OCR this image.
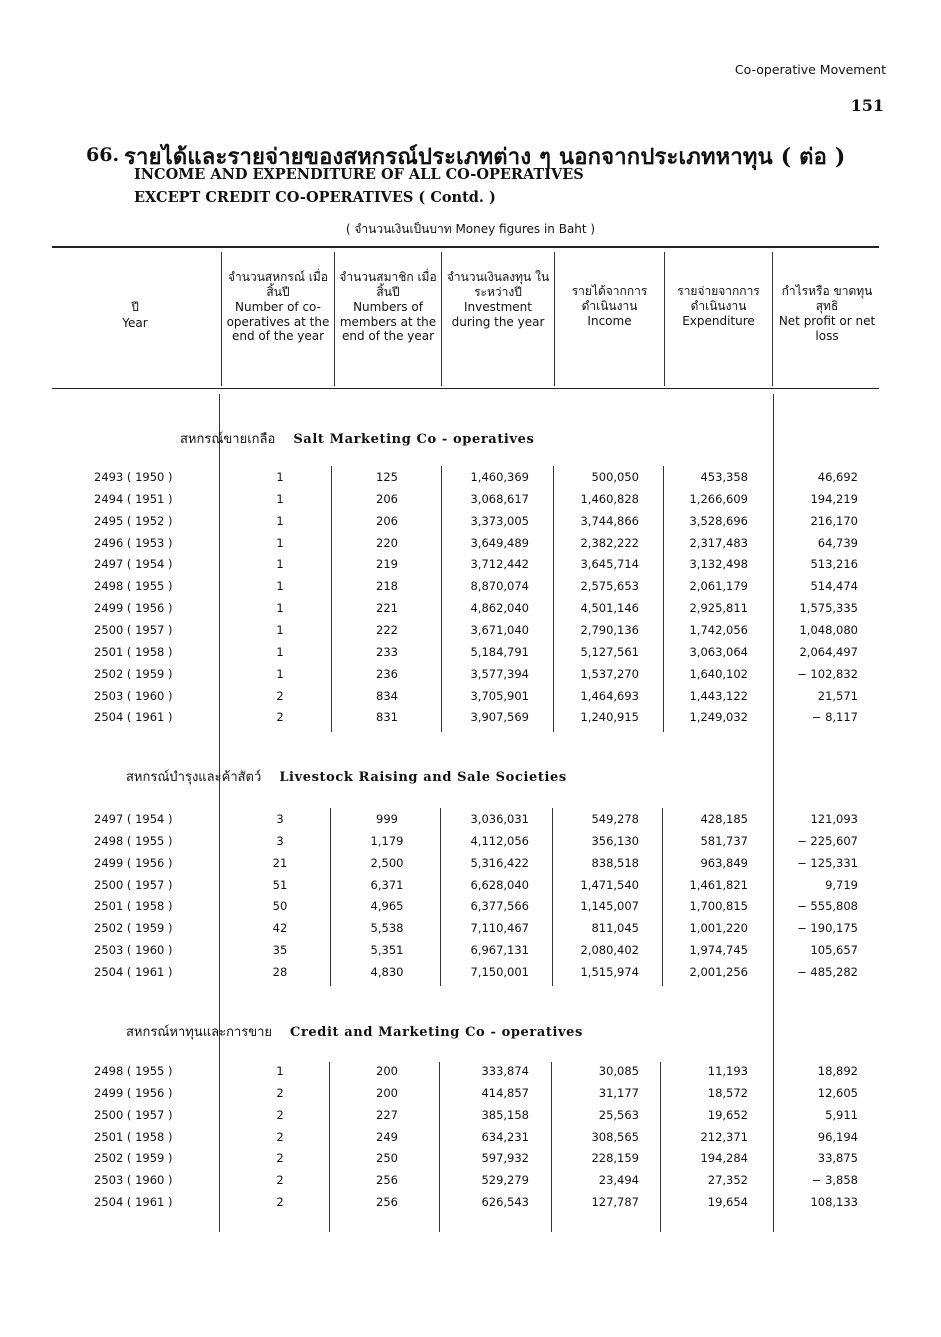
Co-operative Movement
151
66. รายได้และรายจ่ายของสหกรณ์ประเภทต่าง ๆ นอกจากประเภทหาทุน ( ต่อ )
INCOME AND EXPENDITURE OF ALL CO-OPERATIVES
EXCEPT CREDIT CO-OPERATIVES ( Contd. )
( จำนวนเงินเป็นบาท Money figures in Baht )
ปี
Year
จำนวนสหกรณ์ เมื่อสิ้นปี
Number of co-operatives at the end of the year
จำนวนสมาชิก เมื่อสิ้นปี
Numbers of members at the end of the year
จำนวนเงินลงทุน ในระหว่างปี
Investment during the year
รายได้จากการ ดำเนินงาน
Income
รายจ่ายจากการ ดำเนินงาน
Expenditure
กำไรหรือ ขาดทุนสุทธิ
Net profit or net loss
สหกรณ์ขายเกลือ Salt Marketing Co - operatives
สหกรณ์บำรุงและค้าสัตว์ Livestock Raising and Sale Societies
สหกรณ์หาทุนและการขาย Credit and Marketing Co - operatives
2493 ( 1950 )	1	125	1,460,369	500,050	453,358	46,692
2494 ( 1951 )	1	206	3,068,617	1,460,828	1,266,609	194,219
2495 ( 1952 )	1	206	3,373,005	3,744,866	3,528,696	216,170
2496 ( 1953 )	1	220	3,649,489	2,382,222	2,317,483	64,739
2497 ( 1954 )	1	219	3,712,442	3,645,714	3,132,498	513,216
2498 ( 1955 )	1	218	8,870,074	2,575,653	2,061,179	514,474
2499 ( 1956 )	1	221	4,862,040	4,501,146	2,925,811	1,575,335
2500 ( 1957 )	1	222	3,671,040	2,790,136	1,742,056	1,048,080
2501 ( 1958 )	1	233	5,184,791	5,127,561	3,063,064	2,064,497
2502 ( 1959 )	1	236	3,577,394	1,537,270	1,640,102	− 102,832
2503 ( 1960 )	2	834	3,705,901	1,464,693	1,443,122	21,571
2504 ( 1961 )	2	831	3,907,569	1,240,915	1,249,032	− 8,117
2497 ( 1954 )	3	999	3,036,031	549,278	428,185	121,093
2498 ( 1955 )	3	1,179	4,112,056	356,130	581,737	− 225,607
2499 ( 1956 )	21	2,500	5,316,422	838,518	963,849	− 125,331
2500 ( 1957 )	51	6,371	6,628,040	1,471,540	1,461,821	9,719
2501 ( 1958 )	50	4,965	6,377,566	1,145,007	1,700,815	− 555,808
2502 ( 1959 )	42	5,538	7,110,467	811,045	1,001,220	− 190,175
2503 ( 1960 )	35	5,351	6,967,131	2,080,402	1,974,745	105,657
2504 ( 1961 )	28	4,830	7,150,001	1,515,974	2,001,256	− 485,282
2498 ( 1955 )	1	200	333,874	30,085	11,193	18,892
2499 ( 1956 )	2	200	414,857	31,177	18,572	12,605
2500 ( 1957 )	2	227	385,158	25,563	19,652	5,911
2501 ( 1958 )	2	249	634,231	308,565	212,371	96,194
2502 ( 1959 )	2	250	597,932	228,159	194,284	33,875
2503 ( 1960 )	2	256	529,279	23,494	27,352	− 3,858
2504 ( 1961 )	2	256	626,543	127,787	19,654	108,133
